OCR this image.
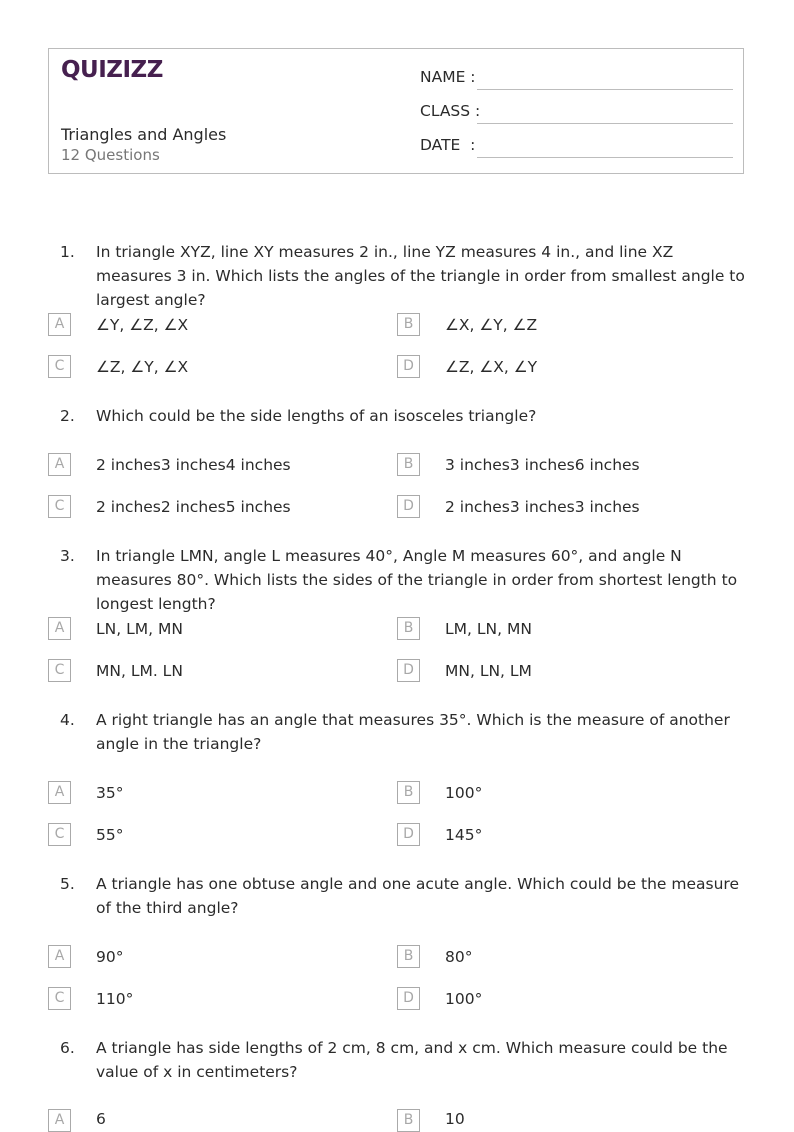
QUIZIZZ
Triangles and Angles
12 Questions
NAME :
CLASS :
DATE  :
1. In triangle XYZ, line XY measures 2 in., line YZ measures 4 in., and line XZ measures 3 in. Which lists the angles of the triangle in order from smallest angle to largest angle?
A	∠Y, ∠Z, ∠X	B	∠X, ∠Y, ∠Z
C	∠Z, ∠Y, ∠X	D	∠Z, ∠X, ∠Y
2. Which could be the side lengths of an isosceles triangle?
A	2 inches3 inches4 inches	B	3 inches3 inches6 inches
C	2 inches2 inches5 inches	D	2 inches3 inches3 inches
3. In triangle LMN, angle L measures 40°, Angle M measures 60°, and angle N measures 80°. Which lists the sides of the triangle in order from shortest length to longest length?
A	LN, LM, MN	B	LM, LN, MN
C	MN, LM. LN	D	MN, LN, LM
4. A right triangle has an angle that measures 35°. Which is the measure of another angle in the triangle?
A	35°	B	100°
C	55°	D	145°
5. A triangle has one obtuse angle and one acute angle. Which could be the measure of the third angle?
A	90°	B	80°
C	110°	D	100°
6. A triangle has side lengths of 2 cm, 8 cm, and x cm. Which measure could be the value of x in centimeters?
A	6	B	10
